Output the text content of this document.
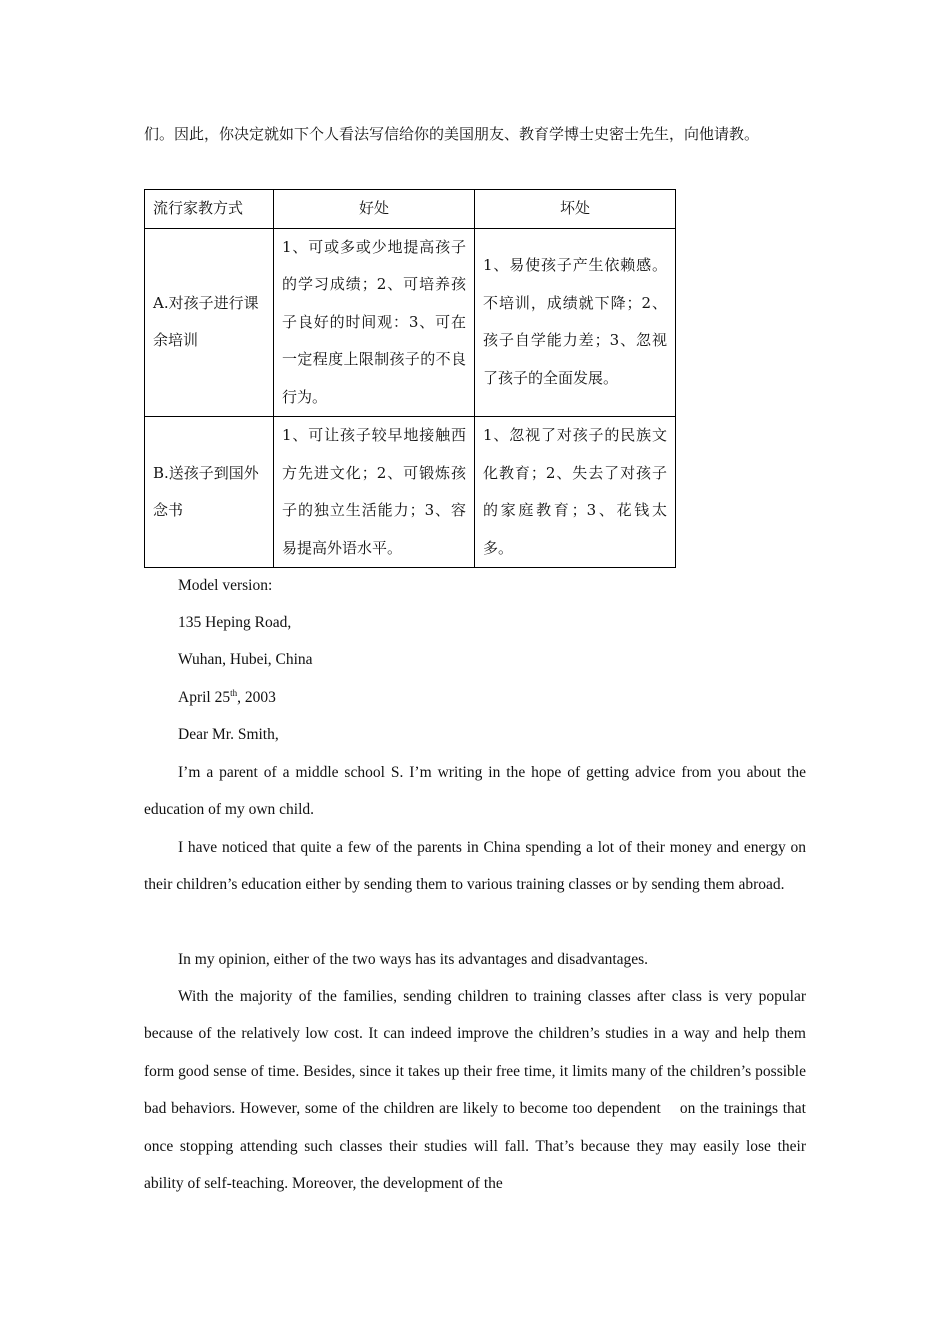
们。因此，你决定就如下个人看法写信给你的美国朋友、教育学博士史密士先生，向他请教。
流行家教方式	好处	坏处
A.对孩子进行课余培训	1、可或多或少地提高孩子的学习成绩；2、可培养孩子良好的时间观：3、可在一定程度上限制孩子的不良行为。	1、易使孩子产生依赖感。不培训，成绩就下降；2、孩子自学能力差；3、忽视了孩子的全面发展。
B.送孩子到国外念书	1、可让孩子较早地接触西方先进文化；2、可锻炼孩子的独立生活能力；3、容易提高外语水平。	1、忽视了对孩子的民族文化教育；2、失去了对孩子的家庭教育；3、花钱太多。
Model version:
135 Heping Road,
Wuhan, Hubei, China
April 25th, 2003
Dear Mr. Smith,
I’m a parent of a middle school S. I’m writing in the hope of getting advice from you about the education of my own child.
I have noticed that quite a few of the parents in China spending a lot of their money and energy on their children’s education either by sending them to various training classes or by sending them abroad.
In my opinion, either of the two ways has its advantages and disadvantages.
With the majority of the families, sending children to training classes after class is very popular because of the relatively low cost. It can indeed improve the children’s studies in a way and help them form good sense of time. Besides, since it takes up their free time, it limits many of the children’s possible bad behaviors. However, some of the children are likely to become too dependent    on the trainings that once stopping attending such classes their studies will fall. That’s because they may easily lose their ability of self-teaching. Moreover, the development of the
